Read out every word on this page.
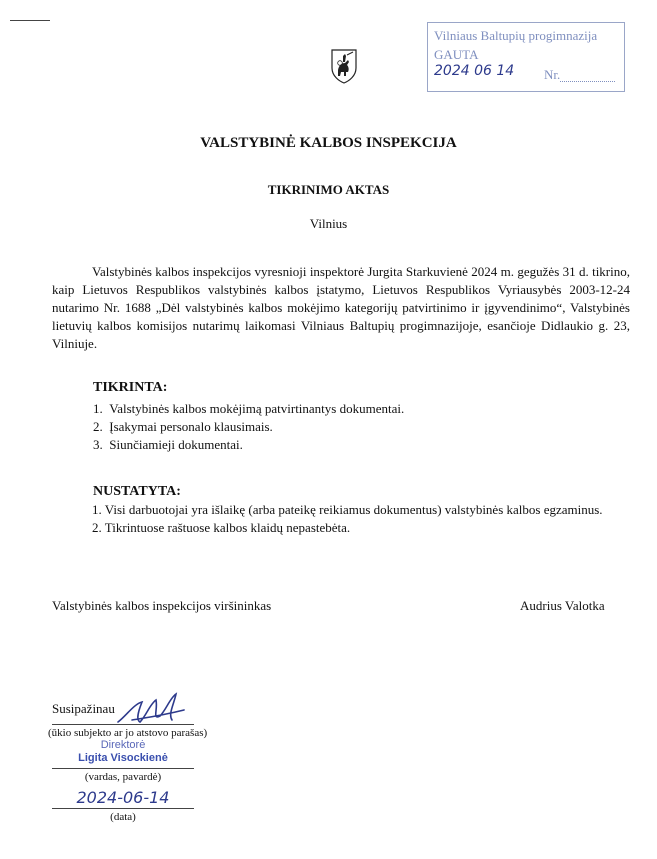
Vilniaus Baltupių progimnazija
GAUTA
2024 06 14 Nr.
VALSTYBINĖ KALBOS INSPEKCIJA
TIKRINIMO AKTAS
Vilnius
Valstybinės kalbos inspekcijos vyresnioji inspektorė Jurgita Starkuvienė 2024 m. gegužės 31 d. tikrino, kaip Lietuvos Respublikos valstybinės kalbos įstatymo, Lietuvos Respublikos Vyriausybės 2003-12-24 nutarimo Nr. 1688 „Dėl valstybinės kalbos mokėjimo kategorijų patvirtinimo ir įgyvendinimo“, Valstybinės lietuvių kalbos komisijos nutarimų laikomasi Vilniaus Baltupių progimnazijoje, esančioje Didlaukio g. 23, Vilniuje.
TIKRINTA:
1.  Valstybinės kalbos mokėjimą patvirtinantys dokumentai.
2.  Įsakymai personalo klausimais.
3.  Siunčiamieji dokumentai.
NUSTATYTA:
1. Visi darbuotojai yra išlaikę (arba pateikę reikiamus dokumentus) valstybinės kalbos egzaminus.
2. Tikrintuose raštuose kalbos klaidų nepastebėta.
Valstybinės kalbos inspekcijos viršininkas	Audrius Valotka
Susipažinau
(ūkio subjekto ar jo atstovo parašas)
Direktorė
Ligita Visockienė
(vardas, pavardė)
2024-06-14
(data)
